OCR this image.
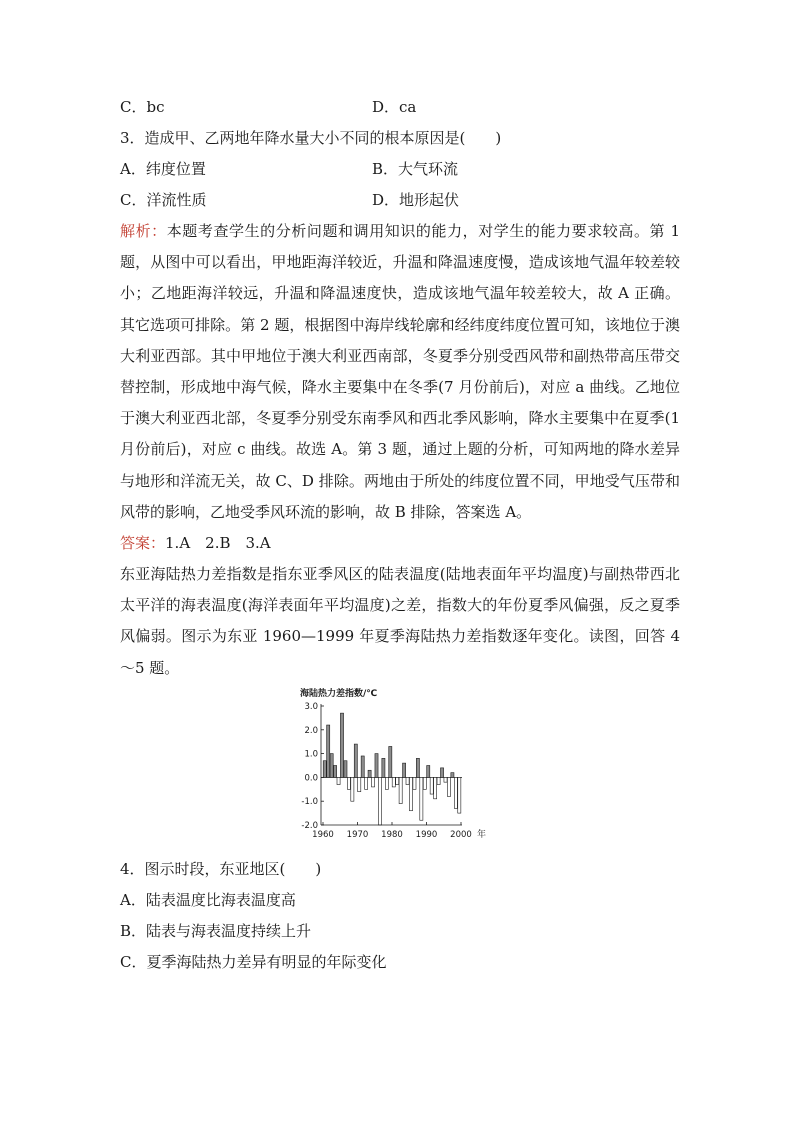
C．bc	D．ca
3．造成甲、乙两地年降水量大小不同的根本原因是(　　)
A．纬度位置	B．大气环流
C．洋流性质	D．地形起伏
解析：本题考查学生的分析问题和调用知识的能力，对学生的能力要求较高。第 1 题，从图中可以看出，甲地距海洋较近，升温和降温速度慢，造成该地气温年较差较小；乙地距海洋较远，升温和降温速度快，造成该地气温年较差较大，故 A 正确。其它选项可排除。第 2 题，根据图中海岸线轮廓和经纬度纬度位置可知，该地位于澳大利亚西部。其中甲地位于澳大利亚西南部，冬夏季分别受西风带和副热带高压带交替控制，形成地中海气候，降水主要集中在冬季(7 月份前后)，对应 a 曲线。乙地位于澳大利亚西北部，冬夏季分别受东南季风和西北季风影响，降水主要集中在夏季(1 月份前后)，对应 c 曲线。故选 A。第 3 题，通过上题的分析，可知两地的降水差异与地形和洋流无关，故 C、D 排除。两地由于所处的纬度位置不同，甲地受气压带和风带的影响，乙地受季风环流的影响，故 B 排除，答案选 A。
答案：1.A　2.B　3.A
东亚海陆热力差指数是指东亚季风区的陆表温度(陆地表面年平均温度)与副热带西北太平洋的海表温度(海洋表面年平均温度)之差，指数大的年份夏季风偏强，反之夏季风偏弱。图示为东亚 1960—1999 年夏季海陆热力差指数逐年变化。读图，回答 4～5 题。
海陆热力差指数/℃
3.0
2.0
1.0
0.0
-1.0
-2.0
1960 1970 1980 1990 2000 年
4．图示时段，东亚地区(　　)
A．陆表温度比海表温度高
B．陆表与海表温度持续上升
C．夏季海陆热力差异有明显的年际变化
